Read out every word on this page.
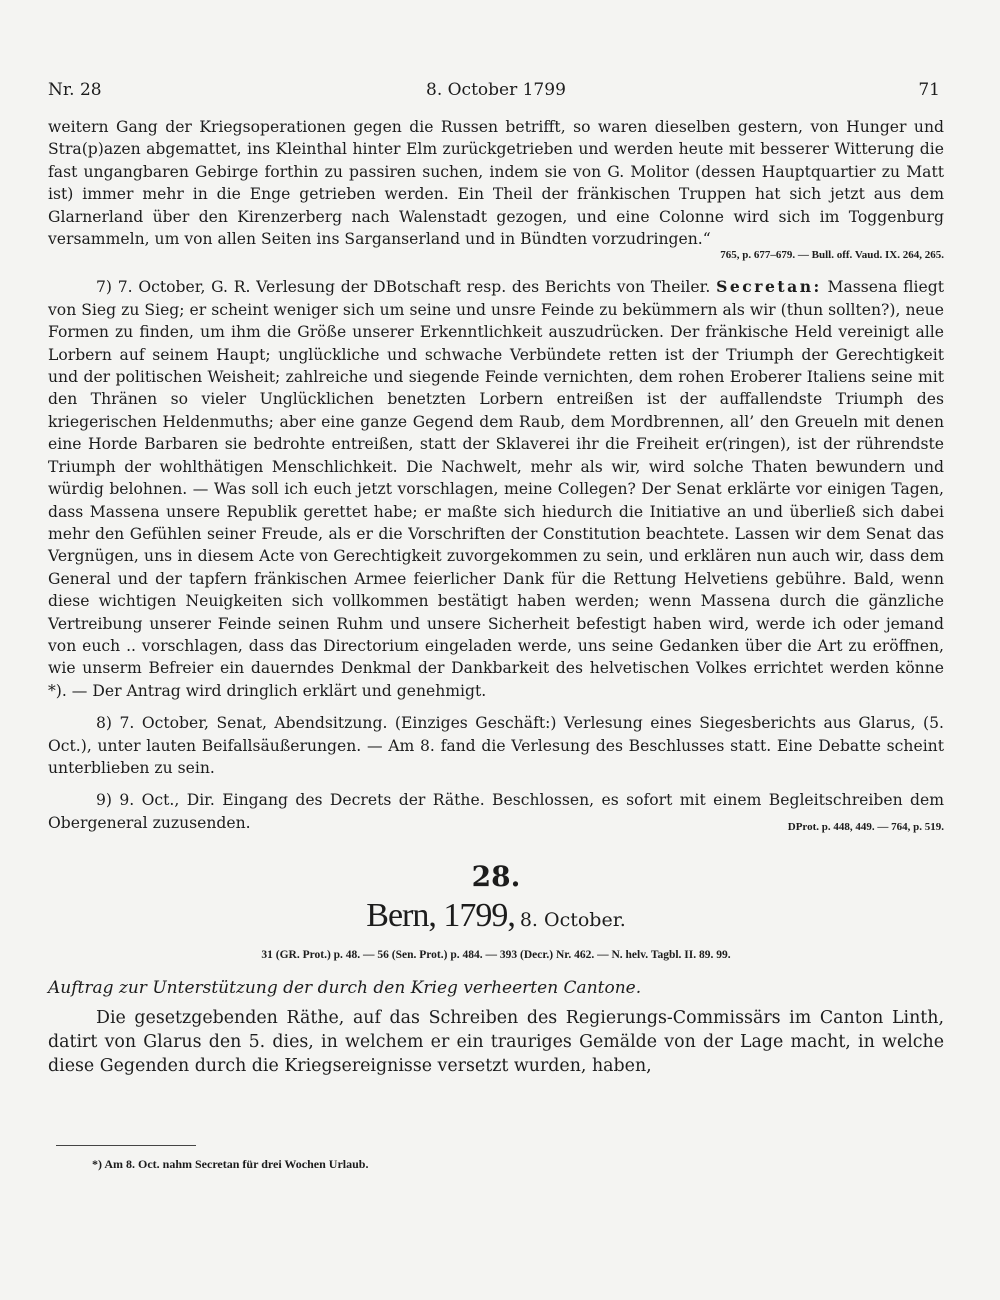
Nr. 28	8. October 1799	71

weitern Gang der Kriegsoperationen gegen die Russen betrifft, so waren dieselben gestern, von Hunger und Stra(p)azen abgemattet, ins Kleinthal hinter Elm zurückgetrieben und werden heute mit besserer Witterung die fast ungangbaren Gebirge forthin zu passiren suchen, indem sie von G. Molitor (dessen Hauptquartier zu Matt ist) immer mehr in die Enge getrieben werden. Ein Theil der fränkischen Truppen hat sich jetzt aus dem Glarnerland über den Kirenzerberg nach Walenstadt gezogen, und eine Colonne wird sich im Toggenburg versammeln, um von allen Seiten ins Sarganserland und in Bündten vorzudringen.“

765, p. 677–679. — Bull. off. Vaud. IX. 264, 265.

7) 7. October, G. R. Verlesung der DBotschaft resp. des Berichts von Theiler. Secretan: Massena fliegt von Sieg zu Sieg; er scheint weniger sich um seine und unsre Feinde zu bekümmern als wir (thun sollten?), neue Formen zu finden, um ihm die Größe unserer Erkenntlichkeit auszudrücken. Der fränkische Held vereinigt alle Lorbern auf seinem Haupt; unglückliche und schwache Verbündete retten ist der Triumph der Gerechtigkeit und der politischen Weisheit; zahlreiche und siegende Feinde vernichten, dem rohen Eroberer Italiens seine mit den Thränen so vieler Unglücklichen benetzten Lorbern entreißen ist der auffallendste Triumph des kriegerischen Heldenmuths; aber eine ganze Gegend dem Raub, dem Mordbrennen, all’ den Greueln mit denen eine Horde Barbaren sie bedrohte entreißen, statt der Sklaverei ihr die Freiheit er(ringen), ist der rührendste Triumph der wohlthätigen Menschlichkeit. Die Nachwelt, mehr als wir, wird solche Thaten bewundern und würdig belohnen. — Was soll ich euch jetzt vorschlagen, meine Collegen? Der Senat erklärte vor einigen Tagen, dass Massena unsere Republik gerettet habe; er maßte sich hiedurch die Initiative an und überließ sich dabei mehr den Gefühlen seiner Freude, als er die Vorschriften der Constitution beachtete. Lassen wir dem Senat das Vergnügen, uns in diesem Acte von Gerechtigkeit zuvorgekommen zu sein, und erklären nun auch wir, dass dem General und der tapfern fränkischen Armee feierlicher Dank für die Rettung Helvetiens gebühre. Bald, wenn diese wichtigen Neuigkeiten sich vollkommen bestätigt haben werden; wenn Massena durch die gänzliche Vertreibung unserer Feinde seinen Ruhm und unsere Sicherheit befestigt haben wird, werde ich oder jemand von euch .. vorschlagen, dass das Directorium eingeladen werde, uns seine Gedanken über die Art zu eröffnen, wie unserm Befreier ein dauerndes Denkmal der Dankbarkeit des helvetischen Volkes errichtet werden könne *). — Der Antrag wird dringlich erklärt und genehmigt.

8) 7. October, Senat, Abendsitzung. (Einziges Geschäft:) Verlesung eines Siegesberichts aus Glarus, (5. Oct.), unter lauten Beifallsäußerungen. — Am 8. fand die Verlesung des Beschlusses statt. Eine Debatte scheint unterblieben zu sein.

9) 9. Oct., Dir. Eingang des Decrets der Räthe. Beschlossen, es sofort mit einem Begleitschreiben dem Obergeneral zuzusenden.	DProt. p. 448, 449. — 764, p. 519.

28.

Bern, 1799, 8. October.

31 (GR. Prot.) p. 48. — 56 (Sen. Prot.) p. 484. — 393 (Decr.) Nr. 462. — N. helv. Tagbl. II. 89. 99.

Auftrag zur Unterstützung der durch den Krieg verheerten Cantone.

Die gesetzgebenden Räthe, auf das Schreiben des Regierungs-Commissärs im Canton Linth, datirt von Glarus den 5. dies, in welchem er ein trauriges Gemälde von der Lage macht, in welche diese Gegenden durch die Kriegsereignisse versetzt wurden, haben,

*) Am 8. Oct. nahm Secretan für drei Wochen Urlaub.
